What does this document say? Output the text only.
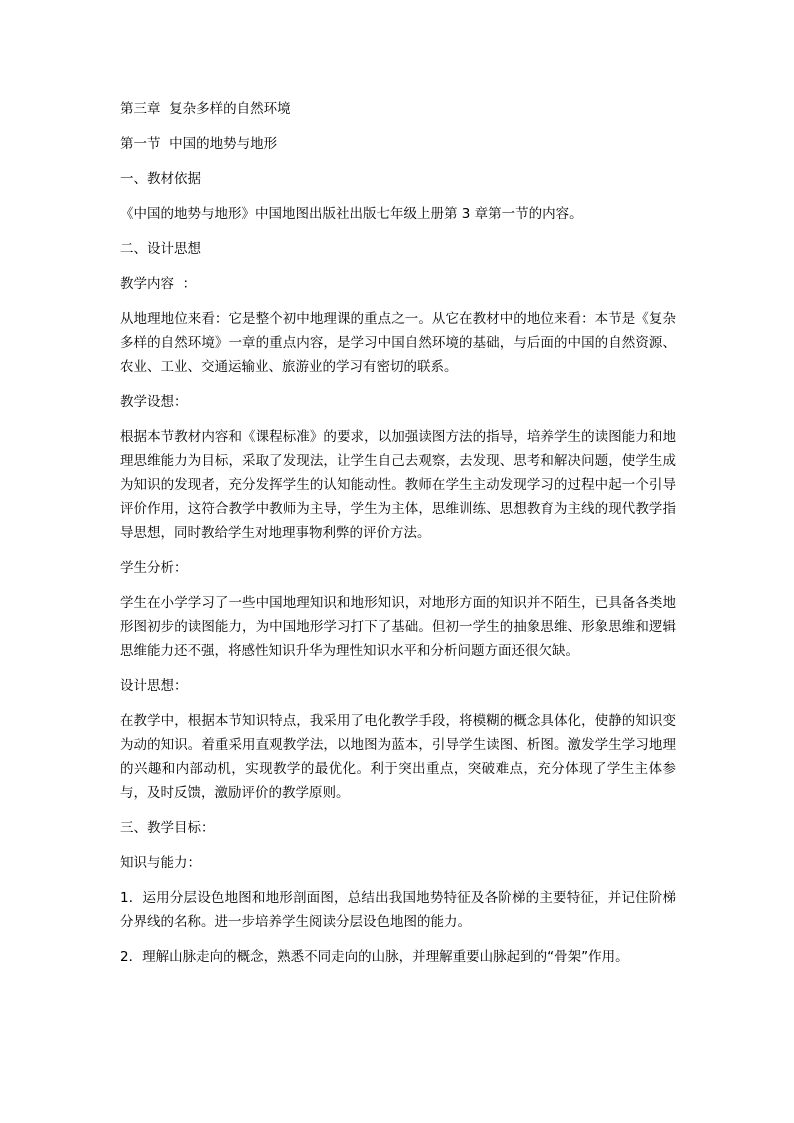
第三章  复杂多样的自然环境

第一节  中国的地势与地形

一、教材依据

《中国的地势与地形》中国地图出版社出版七年级上册第 3 章第一节的内容。

二、设计思想

教学内容  ：

从地理地位来看：它是整个初中地理课的重点之一。从它在教材中的地位来看：本节是《复杂多样的自然环境》一章的重点内容，是学习中国自然环境的基础，与后面的中国的自然资源、农业、工业、交通运输业、旅游业的学习有密切的联系。

教学设想：

根据本节教材内容和《课程标准》的要求，以加强读图方法的指导，培养学生的读图能力和地理思维能力为目标，采取了发现法，让学生自己去观察，去发现、思考和解决问题，使学生成为知识的发现者，充分发挥学生的认知能动性。教师在学生主动发现学习的过程中起一个引导评价作用，这符合教学中教师为主导，学生为主体，思维训练、思想教育为主线的现代教学指导思想，同时教给学生对地理事物利弊的评价方法。

学生分析：

学生在小学学习了一些中国地理知识和地形知识，对地形方面的知识并不陌生，已具备各类地形图初步的读图能力，为中国地形学习打下了基础。但初一学生的抽象思维、形象思维和逻辑思维能力还不强，将感性知识升华为理性知识水平和分析问题方面还很欠缺。

设计思想：

在教学中，根据本节知识特点，我采用了电化教学手段，将模糊的概念具体化，使静的知识变为动的知识。着重采用直观教学法，以地图为蓝本，引导学生读图、析图。激发学生学习地理的兴趣和内部动机，实现教学的最优化。利于突出重点，突破难点，充分体现了学生主体参与，及时反馈，激励评价的教学原则。

三、教学目标：

知识与能力：

1．运用分层设色地图和地形剖面图，总结出我国地势特征及各阶梯的主要特征，并记住阶梯分界线的名称。进一步培养学生阅读分层设色地图的能力。

2．理解山脉走向的概念，熟悉不同走向的山脉，并理解重要山脉起到的“骨架”作用。
